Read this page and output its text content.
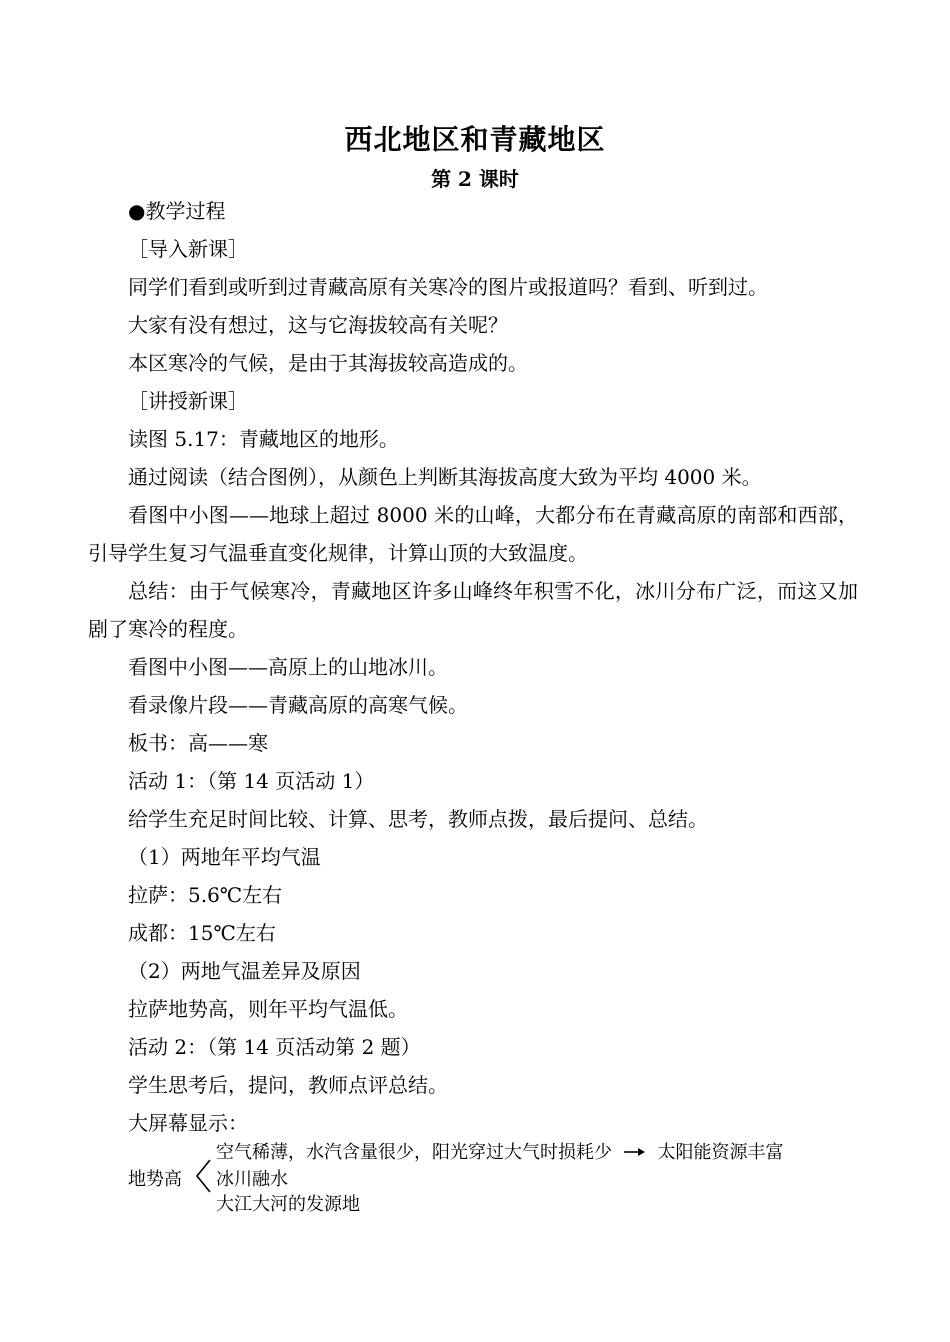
西北地区和青藏地区
第 2 课时

●教学过程

［导入新课］

同学们看到或听到过青藏高原有关寒冷的图片或报道吗？看到、听到过。

大家有没有想过，这与它海拔较高有关呢？

本区寒冷的气候，是由于其海拔较高造成的。

［讲授新课］

读图 5.17：青藏地区的地形。

通过阅读（结合图例），从颜色上判断其海拔高度大致为平均 4000 米。

看图中小图——地球上超过 8000 米的山峰，大都分布在青藏高原的南部和西部，引导学生复习气温垂直变化规律，计算山顶的大致温度。

总结：由于气候寒冷，青藏地区许多山峰终年积雪不化，冰川分布广泛，而这又加剧了寒冷的程度。

看图中小图——高原上的山地冰川。

看录像片段——青藏高原的高寒气候。

板书：高——寒

活动 1：（第 14 页活动 1）

给学生充足时间比较、计算、思考，教师点拨，最后提问、总结。

（1）两地年平均气温

拉萨：5.6℃左右

成都：15℃左右

（2）两地气温差异及原因

拉萨地势高，则年平均气温低。

活动 2：（第 14 页活动第 2 题）

学生思考后，提问，教师点评总结。

大屏幕显示：

地势高
空气稀薄，水汽含量很少，阳光穿过大气时损耗少	太阳能资源丰富
冰川融水
大江大河的发源地
